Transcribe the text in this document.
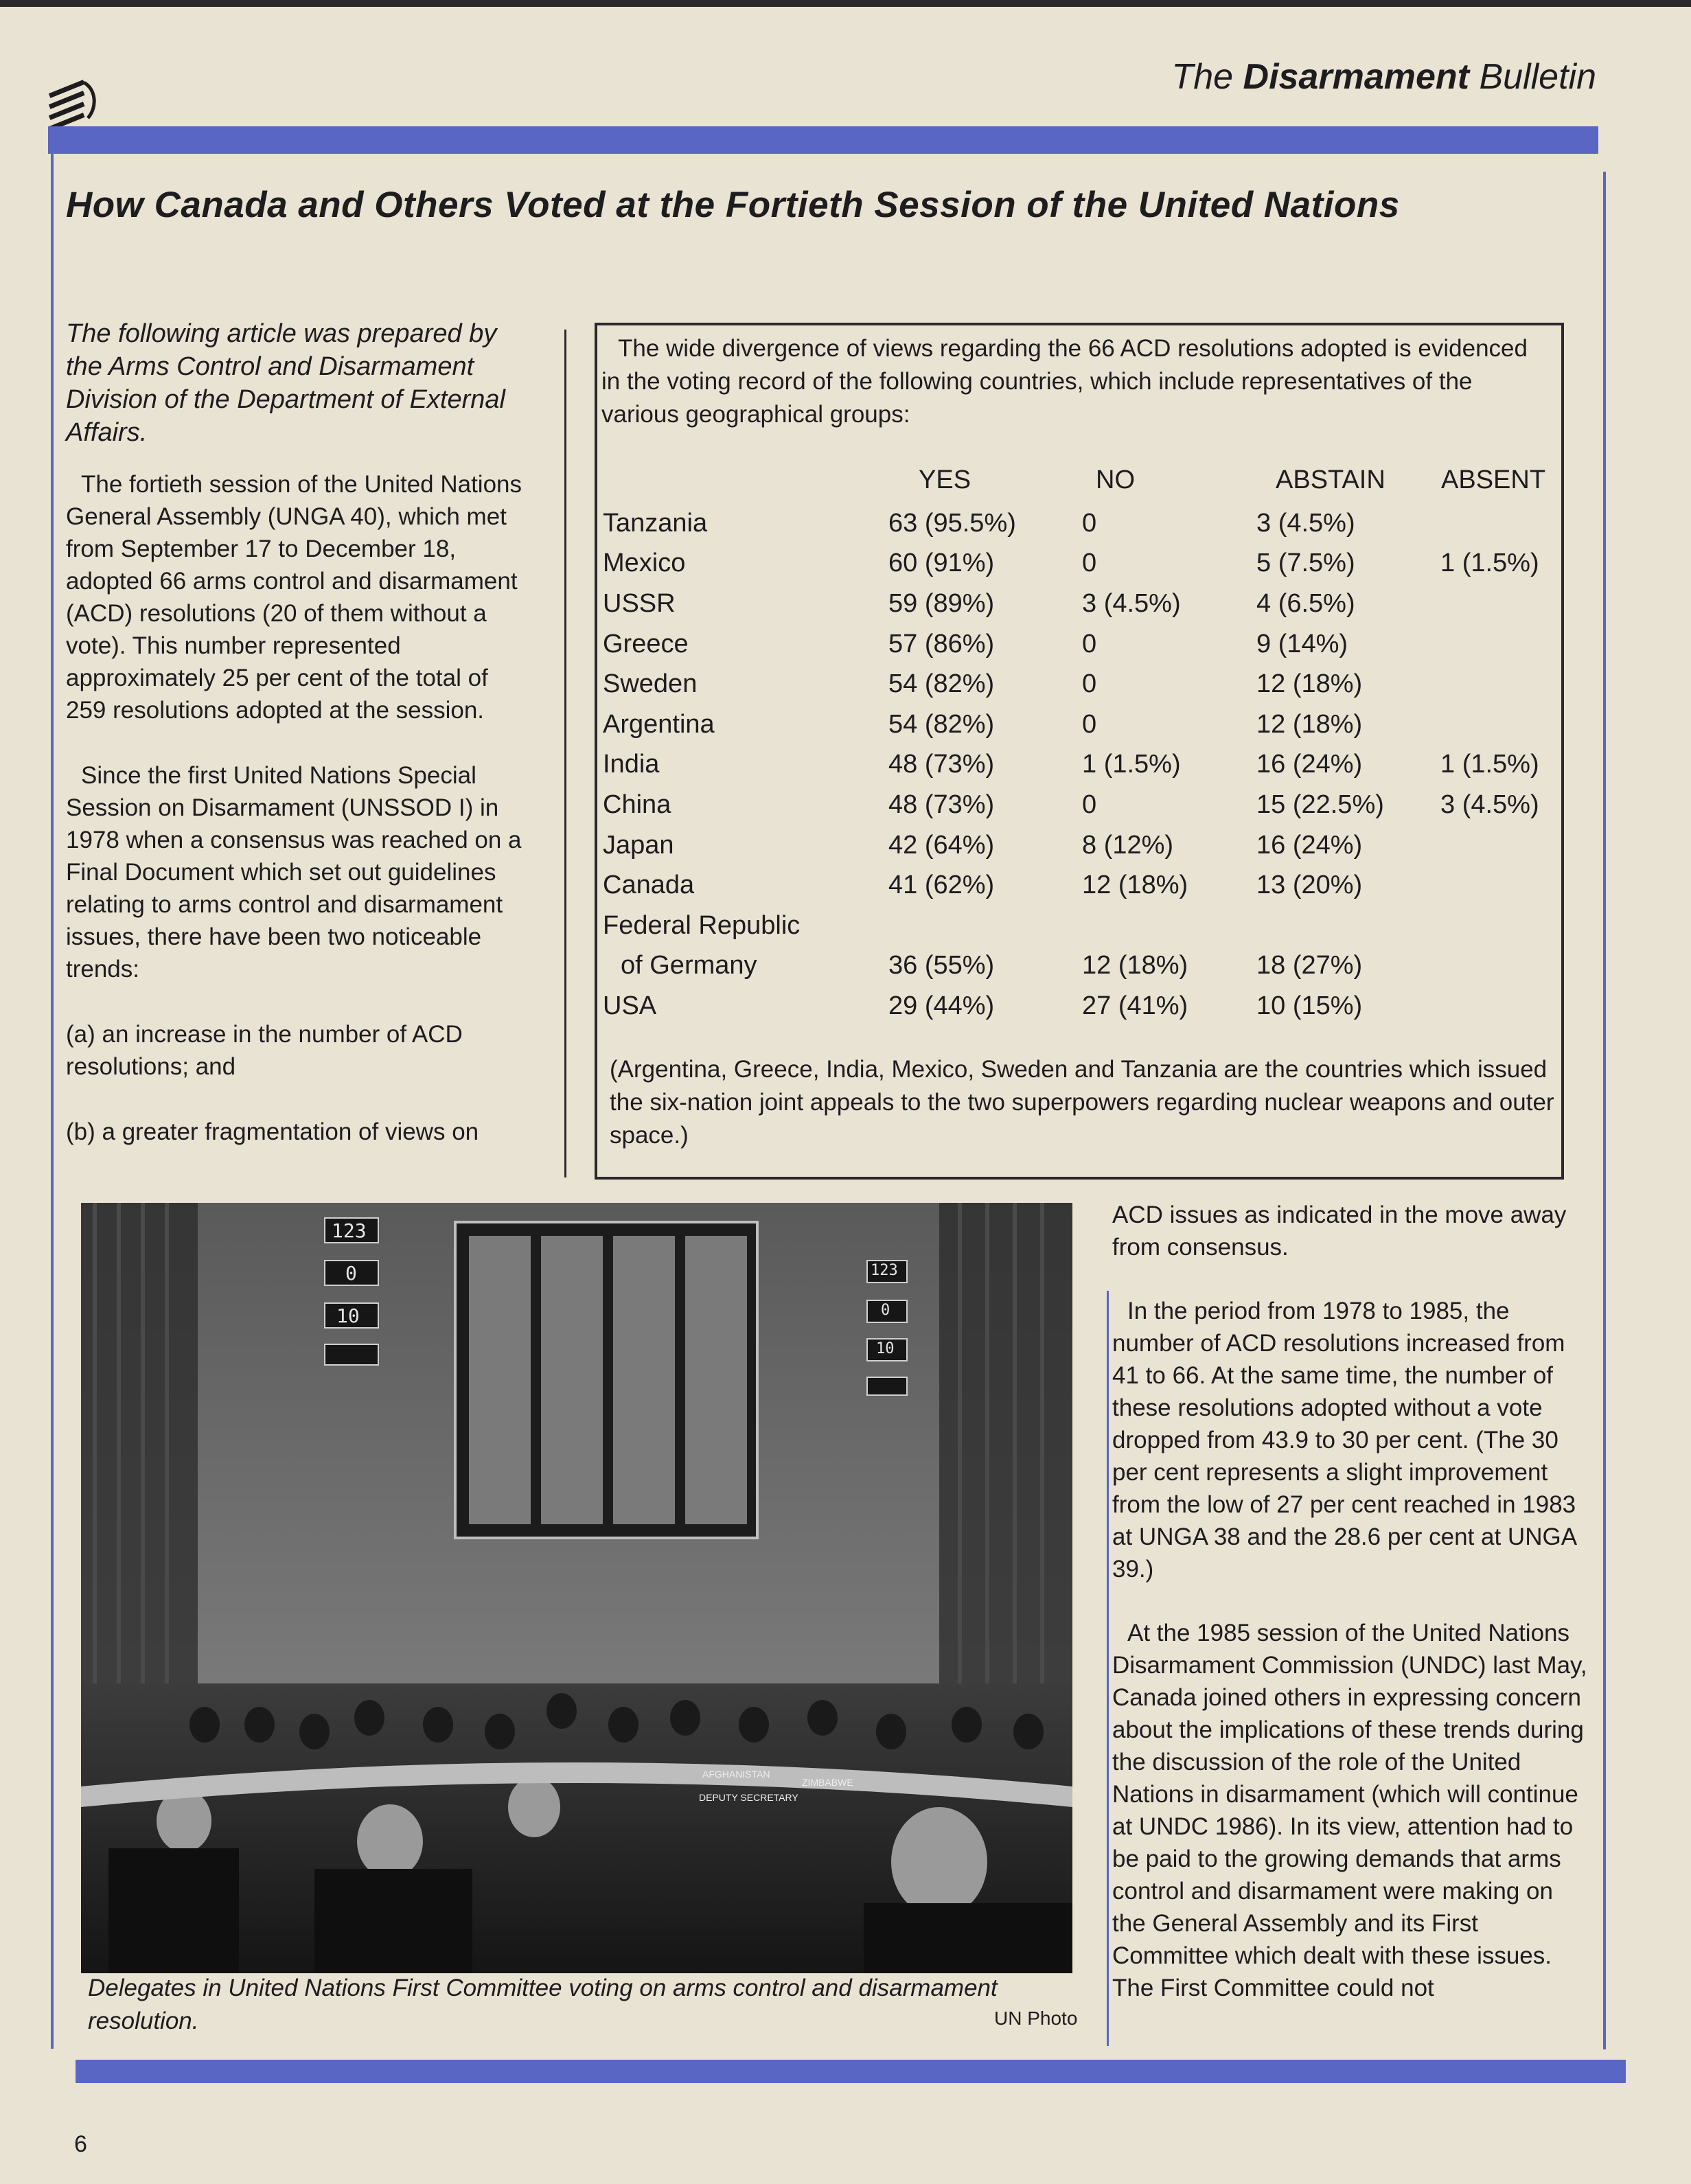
The Disarmament Bulletin
How Canada and Others Voted at the Fortieth Session of the United Nations

The following article was prepared by the Arms Control and Disarmament Division of the Department of External Affairs.

The fortieth session of the United Nations General Assembly (UNGA 40), which met from September 17 to December 18, adopted 66 arms control and disarmament (ACD) resolutions (20 of them without a vote). This number represented approximately 25 per cent of the total of 259 resolutions adopted at the session.

Since the first United Nations Special Session on Disarmament (UNSSOD I) in 1978 when a consensus was reached on a Final Document which set out guidelines relating to arms control and disarmament issues, there have been two noticeable trends:

(a) an increase in the number of ACD resolutions; and

(b) a greater fragmentation of views on

The wide divergence of views regarding the 66 ACD resolutions adopted is evidenced in the voting record of the following countries, which include representatives of the various geographical groups:
	YES	NO	ABSTAIN	ABSENT
Tanzania	63 (95.5%)	0	3 (4.5%)	
Mexico	60 (91%)	0	5 (7.5%)	1 (1.5%)
USSR	59 (89%)	3 (4.5%)	4 (6.5%)	
Greece	57 (86%)	0	9 (14%)	
Sweden	54 (82%)	0	12 (18%)	
Argentina	54 (82%)	0	12 (18%)	
India	48 (73%)	1 (1.5%)	16 (24%)	1 (1.5%)
China	48 (73%)	0	15 (22.5%)	3 (4.5%)
Japan	42 (64%)	8 (12%)	16 (24%)	
Canada	41 (62%)	12 (18%)	13 (20%)	
Federal Republic				
of Germany	36 (55%)	12 (18%)	18 (27%)	
USA	29 (44%)	27 (41%)	10 (15%)	
(Argentina, Greece, India, Mexico, Sweden and Tanzania are the countries which issued the six-nation joint appeals to the two superpowers regarding nuclear weapons and outer space.)
123
0
10
123
0
10
ZIMBABWE
AFGHANISTAN
DEPUTY SECRETARY
Delegates in United Nations First Committee voting on arms control and disarmament resolution.	UN Photo

ACD issues as indicated in the move away from consensus.

In the period from 1978 to 1985, the number of ACD resolutions increased from 41 to 66. At the same time, the number of these resolutions adopted without a vote dropped from 43.9 to 30 per cent. (The 30 per cent represents a slight improvement from the low of 27 per cent reached in 1983 at UNGA 38 and the 28.6 per cent at UNGA 39.)

At the 1985 session of the United Nations Disarmament Commission (UNDC) last May, Canada joined others in expressing concern about the implications of these trends during the discussion of the role of the United Nations in disarmament (which will continue at UNDC 1986). In its view, attention had to be paid to the growing demands that arms control and disarmament were making on the General Assembly and its First Committee which dealt with these issues. The First Committee could not

6
